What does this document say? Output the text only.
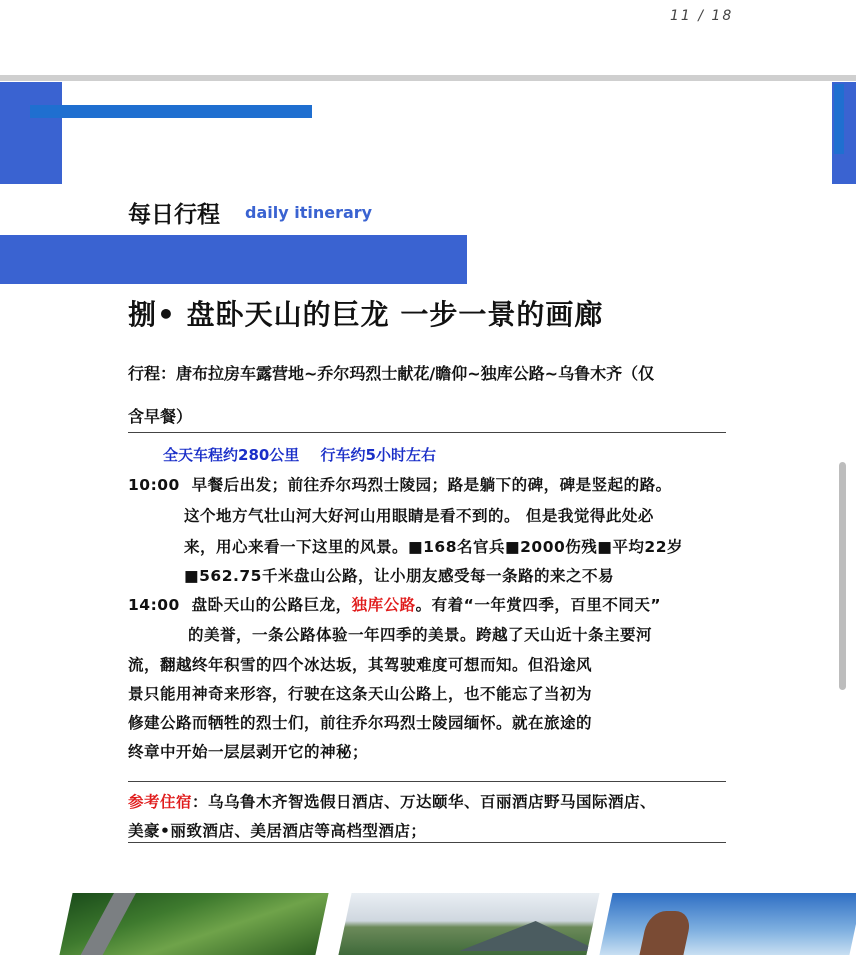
11 / 18
每日行程 daily itinerary
捌• 盘卧天山的巨龙 一步一景的画廊
行程：唐布拉房车露营地~乔尔玛烈士献花/瞻仰~独库公路~乌鲁木齐（仅
含早餐）
全天车程约280公里 行车约5小时左右
10:00 早餐后出发；前往乔尔玛烈士陵园；路是躺下的碑，碑是竖起的路。
这个地方气壮山河大好河山用眼睛是看不到的。 但是我觉得此处必
来，用心来看一下这里的风景。■168名官兵■2000伤残■平均22岁
■562.75千米盘山公路，让小朋友感受每一条路的来之不易
14:00 盘卧天山的公路巨龙，独库公路。有着“一年赏四季，百里不同天”
的美誉，一条公路体验一年四季的美景。跨越了天山近十条主要河
流，翻越终年积雪的四个冰达坂，其驾驶难度可想而知。但沿途风
景只能用神奇来形容，行驶在这条天山公路上，也不能忘了当初为
修建公路而牺牲的烈士们，前往乔尔玛烈士陵园缅怀。就在旅途的
终章中开始一层层剥开它的神秘；
参考住宿：乌乌鲁木齐智选假日酒店、万达颐华、百丽酒店野马国际酒店、
美豪•丽致酒店、美居酒店等高档型酒店；
